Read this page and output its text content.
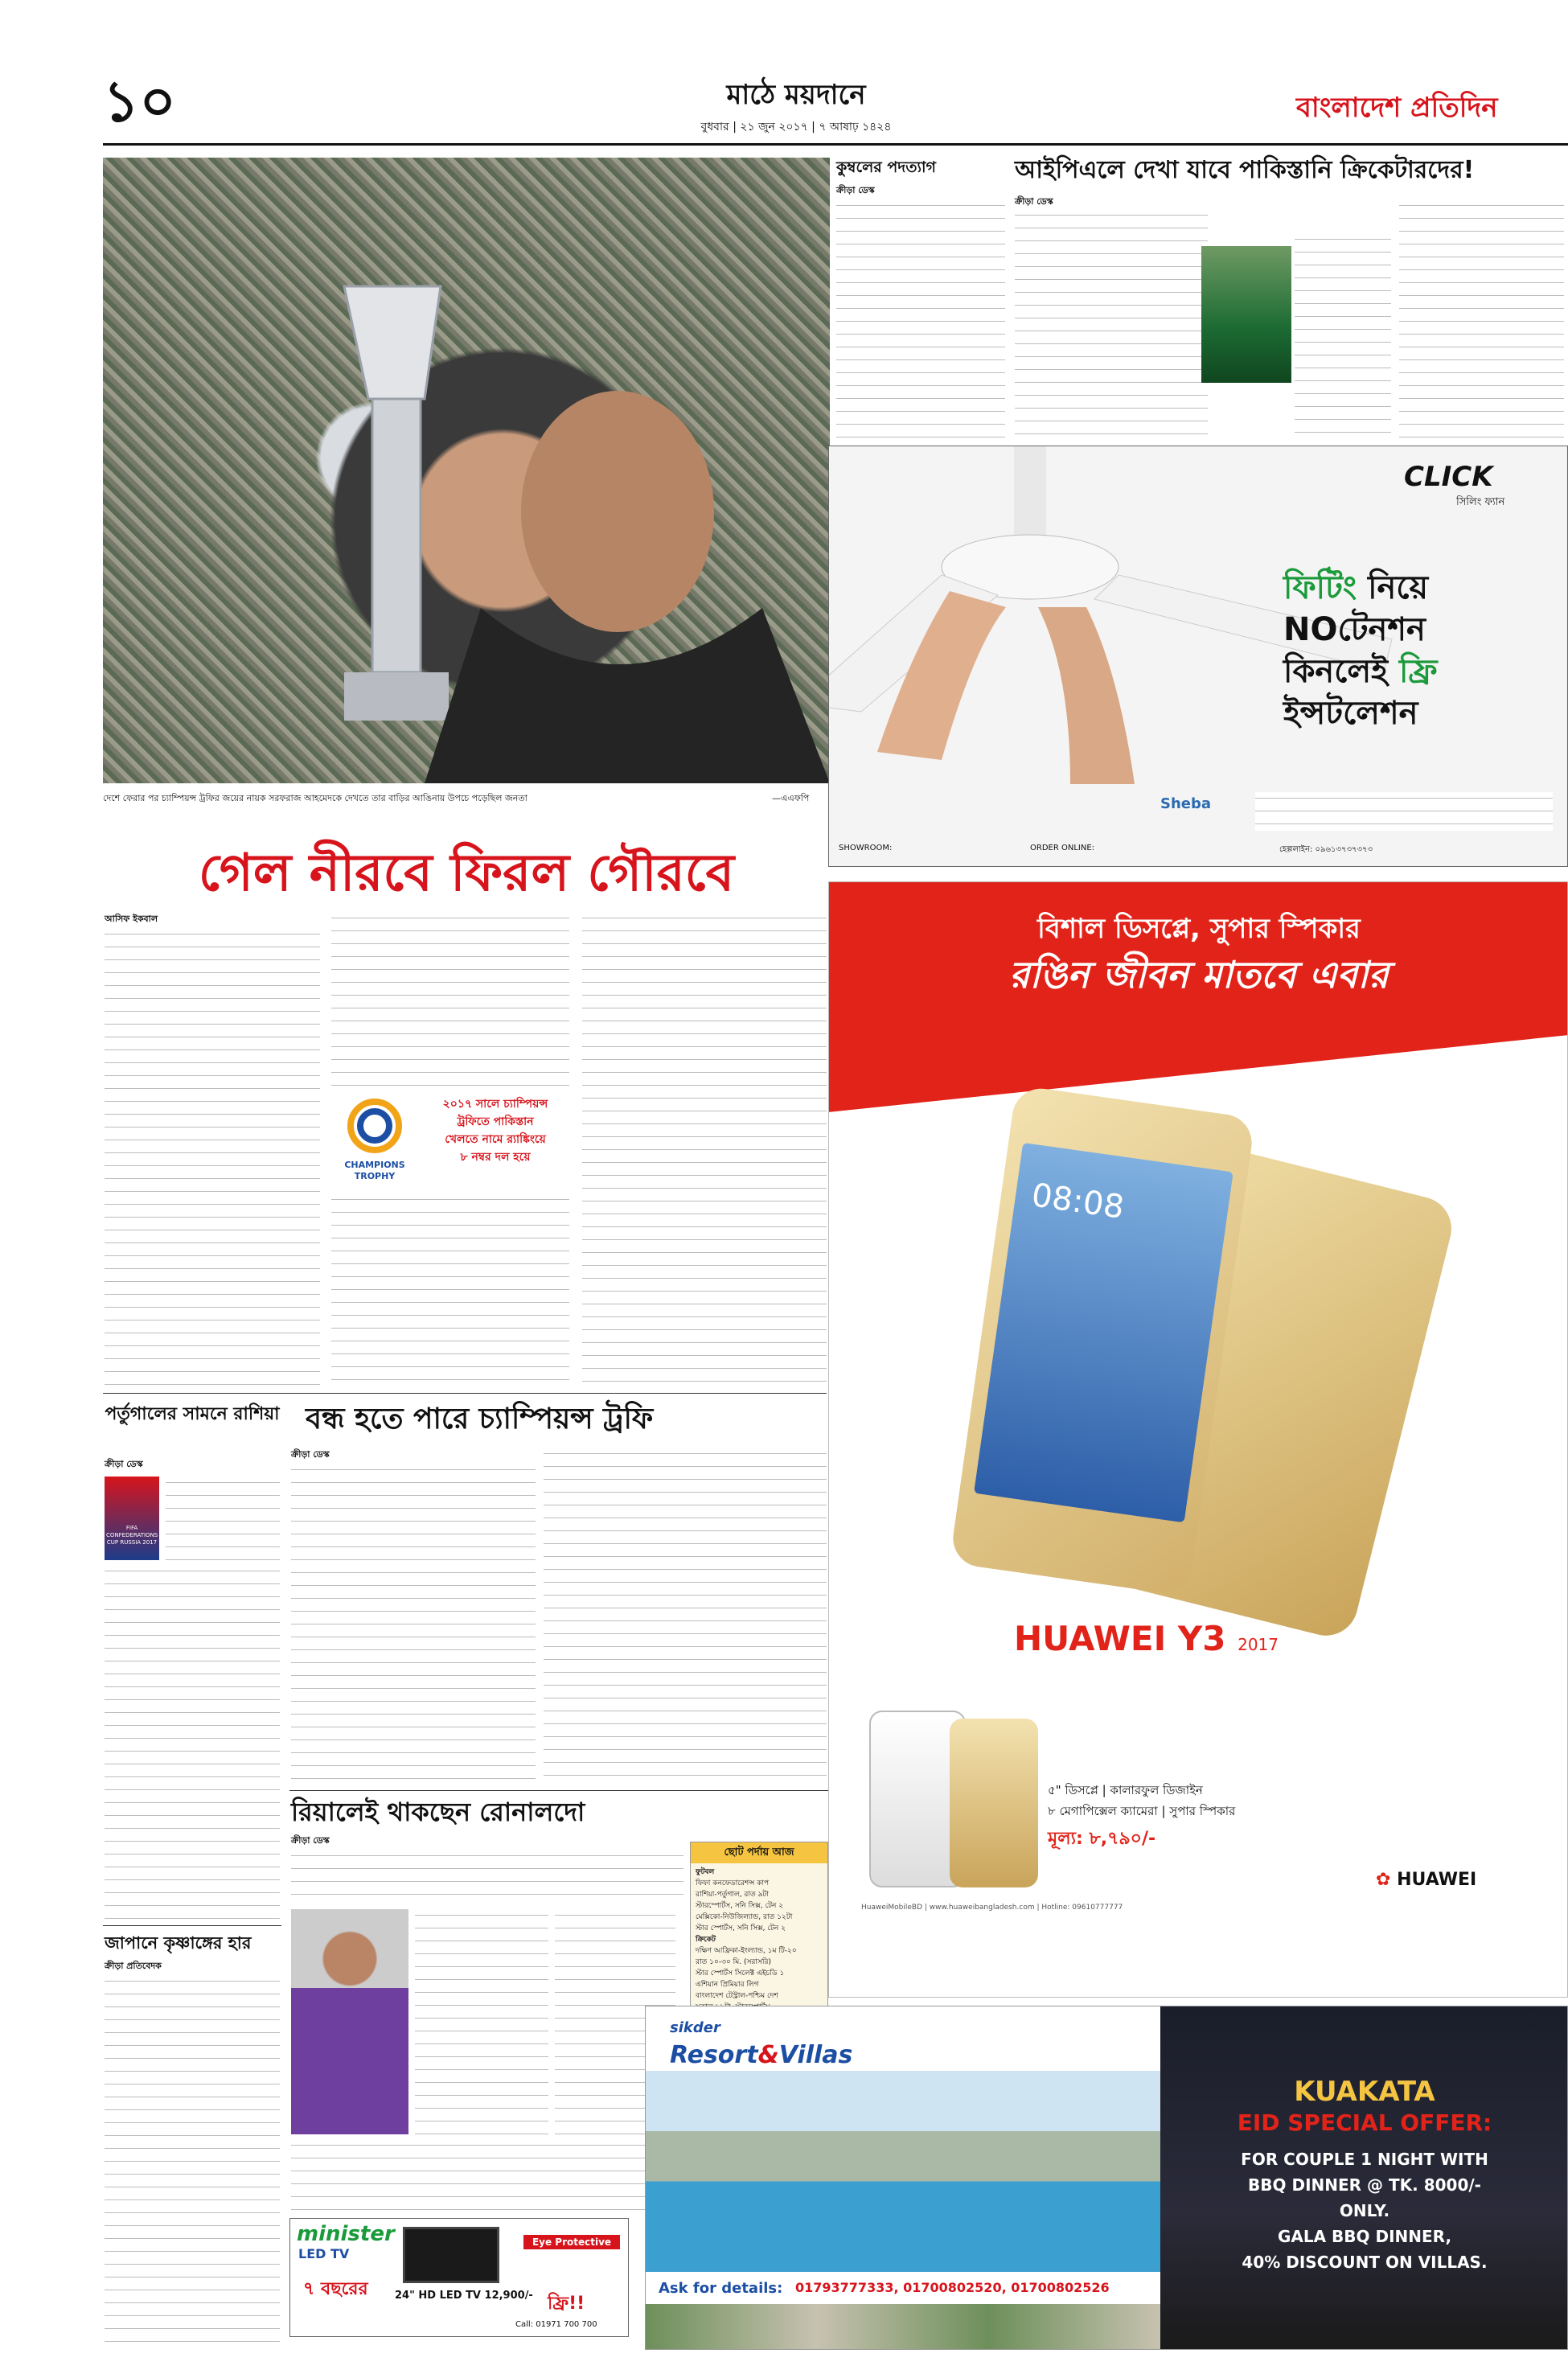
১০	মাঠে ময়দানে
বুধবার | ২১ জুন ২০১৭ | ৭ আষাঢ় ১৪২৪
বাংলাদেশ প্রতিদিন
দেশে ফেরার পর চ্যাম্পিয়ন্স ট্রফির জয়ের নায়ক সরফরাজ আহমেদকে দেখতে তার বাড়ির আঙিনায় উপচে পড়েছিল জনতা	—এএফপি
কুম্বলের পদত্যাগ
ক্রীড়া ডেস্ক
আইপিএলে দেখা যাবে পাকিস্তানি ক্রিকেটারদের!
ক্রীড়া ডেস্ক
CLICK
সিলিং ফ্যান
ফিটিং নিয়ে
NOটেনশন
কিনলেই ফ্রি
ইন্সটলেশন
Sheba
SHOWROOM:	ORDER ONLINE:	হেল্পলাইন: ০৯৬১৩৭৩৭৩৭৩
গেল নীরবে ফিরল গৌরবে
আসিফ ইকবাল
CHAMPIONS TROPHY
২০১৭ সালে চ্যাম্পিয়ন্স
ট্রফিতে পাকিস্তান
খেলতে নামে র‌্যাঙ্কিংয়ে
৮ নম্বর দল হয়ে
পর্তুগালের সামনে রাশিয়া
ক্রীড়া ডেস্ক
FIFA CONFEDERATIONS CUP RUSSIA 2017
জাপানে কৃষ্ণাঙ্গের হার
ক্রীড়া প্রতিবেদক
বন্ধ হতে পারে চ্যাম্পিয়ন্স ট্রফি
ক্রীড়া ডেস্ক
রিয়ালেই থাকছেন রোনালদো
ক্রীড়া ডেস্ক
ছোট পর্দায় আজ
ফুটবল
ফিফা কনফেডারেশন্স কাপ
রাশিয়া-পর্তুগাল, রাত ৯টা
স্টারস্পোর্টস, সনি সিক্স, টেন ২
মেক্সিকো-নিউজিল্যান্ড, রাত ১২টা
স্টার স্পোর্টস, সনি সিক্স, টেন ২
ক্রিকেট
দক্ষিণ আফ্রিকা-ইংল্যান্ড, ১ম টি-২০
রাত ১০-৩০ মি. (সরাসরি)
স্টার স্পোর্টস সিলেক্ট এইচডি ১
এশিয়ান প্রিমিয়ার লিগ
বাংলাদেশ টেস্ট্রাল-পশ্চিম দেশ
minister
LED TV
৭ বছরের	24" HD LED TV 12,900/-
Eye Protective
ফ্রি!!
Call: 01971 700 700
বিশাল ডিসপ্লে, সুপার স্পিকার
রঙিন জীবন মাতবে এবার
08:08
HUAWEI Y3 2017
৫" ডিসপ্লে | কালারফুল ডিজাইন
৮ মেগাপিক্সেল ক্যামেরা | সুপার স্পিকার
মূল্য: ৮,৭৯০/-
✿ HUAWEI
HuaweiMobileBD | www.huaweibangladesh.com | Hotline: 09610777777
sikder
Resort&Villas
Ask for details: 01793777333, 01700802520, 01700802526
KUAKATA
EID SPECIAL OFFER:
FOR COUPLE 1 NIGHT WITH
BBQ DINNER @ TK. 8000/-
ONLY.
GALA BBQ DINNER,
40% DISCOUNT ON VILLAS.
